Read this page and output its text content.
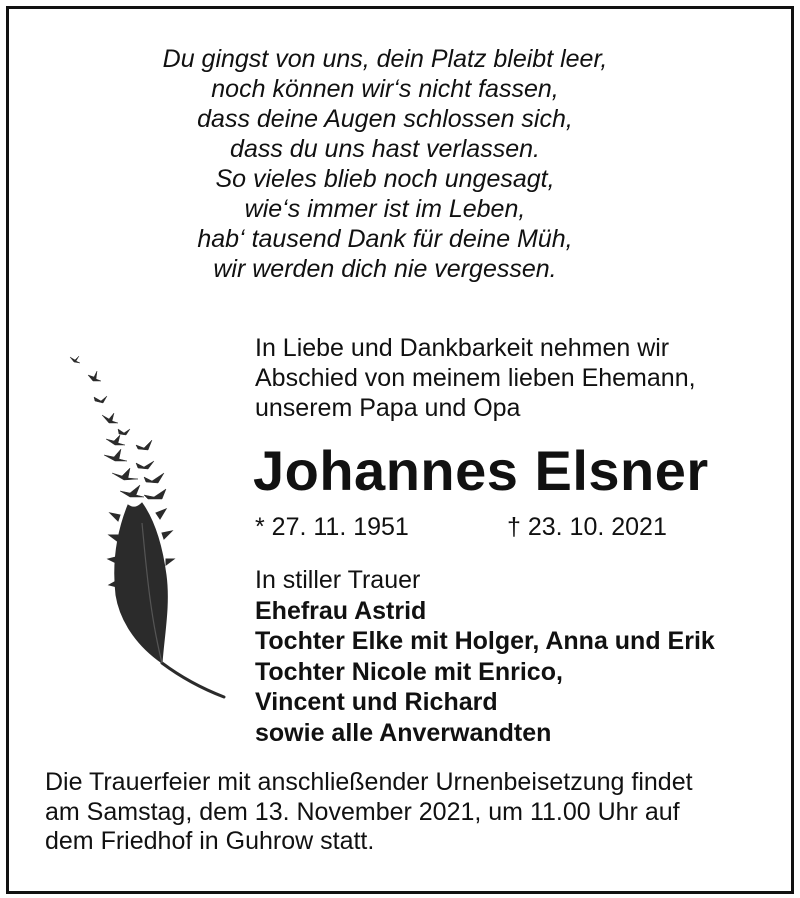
Du gingst von uns, dein Platz bleibt leer,
noch können wir‘s nicht fassen,
dass deine Augen schlossen sich,
dass du uns hast verlassen.
So vieles blieb noch ungesagt,
wie‘s immer ist im Leben,
hab‘ tausend Dank für deine Müh,
wir werden dich nie vergessen.
In Liebe und Dankbarkeit nehmen wir
Abschied von meinem lieben Ehemann,
unserem Papa und Opa
Johannes Elsner
* 27. 11. 1951	† 23. 10. 2021
In stiller Trauer
Ehefrau Astrid
Tochter Elke mit Holger, Anna und Erik
Tochter Nicole mit Enrico,
Vincent und Richard
sowie alle Anverwandten
Die Trauerfeier mit anschließender Urnenbeisetzung findet
am Samstag, dem 13. November 2021, um 11.00 Uhr auf
dem Friedhof in Guhrow statt.
